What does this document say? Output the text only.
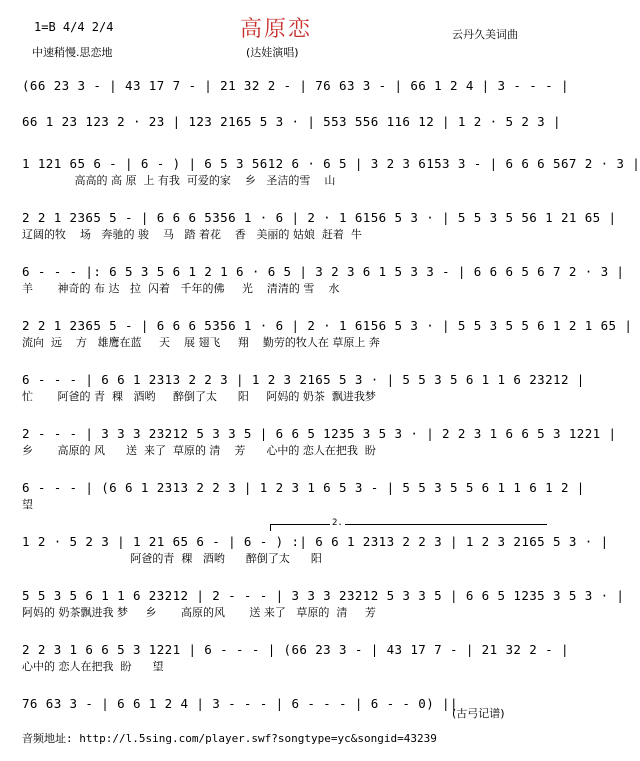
1=B 4/4 2/4
中速稍慢.思恋地
高原恋
(达娃演唱)
云丹久美词曲
(66 23 3 - | 43 17 7 - | 21 32 2 - | 76 63 3 - | 66 1 2 4 | 3 - - - |
66 1 23 123 2 · 23 | 123 2165 5 3 · | 553 556 116 12 | 1 2 · 5 2 3 |
1 121 65 6 - | 6 - ) | 6 5 3 5612 6 · 6 5 | 3 2 3 6153 3 - | 6 6 6 567 2 · 3 |
高高的 高 原  上 有我  可爱的家    乡   圣洁的雪    山
2 2 1 2365 5 - | 6 6 6 5356 1 · 6 | 2 · 1 6156 5 3 · | 5 5 3 5 56 1 21 65 |
辽阔的牧    场   奔驰的 骏    马   踏 着花    香   美丽的 姑娘  赶着  牛
6 - - - |: 6 5 3 5 6 1 2 1 6 · 6 5 | 3 2 3 6 1 5 3 3 - | 6 6 6 5 6 7 2 · 3 |
羊       神奇的 布 达   拉  闪着   千年的佛     光    清清的 雪    水
2 2 1 2365 5 - | 6 6 6 5356 1 · 6 | 2 · 1 6156 5 3 · | 5 5 3 5 5 6 1 2 1 65 |
流向  远    方   雄鹰在蓝     天    展 翅飞     翔    勤劳的牧人在 草原上 奔
6 - - - | 6 6 1 2313 2 2 3 | 1 2 3 2165 5 3 · | 5 5 3 5 6 1 1 6 23212 |
忙       阿爸的 青  稞   酒哟     醉倒了太      阳     阿妈的 奶茶  飘进我梦
2 - - - | 3 3 3 23212 5 3 3 5 | 6 6 5 1235 3 5 3 · | 2 2 3 1 6 6 5 3 1221 |
乡       高原的 风      送  来了  草原的 清    芳      心中的 恋人在把我  盼
6 - - - | (6 6 1 2313 2 2 3 | 1 2 3 1 6 5 3 - | 5 5 3 5 5 6 1 1 6 1 2 |
望
2.
1 2 · 5 2 3 | 1 21 65 6 - | 6 - ) :| 6 6 1 2313 2 2 3 | 1 2 3 2165 5 3 · |
阿爸的青  稞   酒哟      醉倒了太      阳
5 5 3 5 6 1 1 6 23212 | 2 - - - | 3 3 3 23212 5 3 3 5 | 6 6 5 1235 3 5 3 · |
阿妈的 奶茶飘进我 梦     乡       高原的风       送 来了   草原的  清     芳
2 2 3 1 6 6 5 3 1221 | 6 - - - | (66 23 3 - | 43 17 7 - | 21 32 2 - |
心中的 恋人在把我  盼      望
76 63 3 - | 6 6 1 2 4 | 3 - - - | 6 - - - | 6 - - 0) ||
(古弓记谱)
音频地址: http://l.5sing.com/player.swf?songtype=yc&songid=43239
